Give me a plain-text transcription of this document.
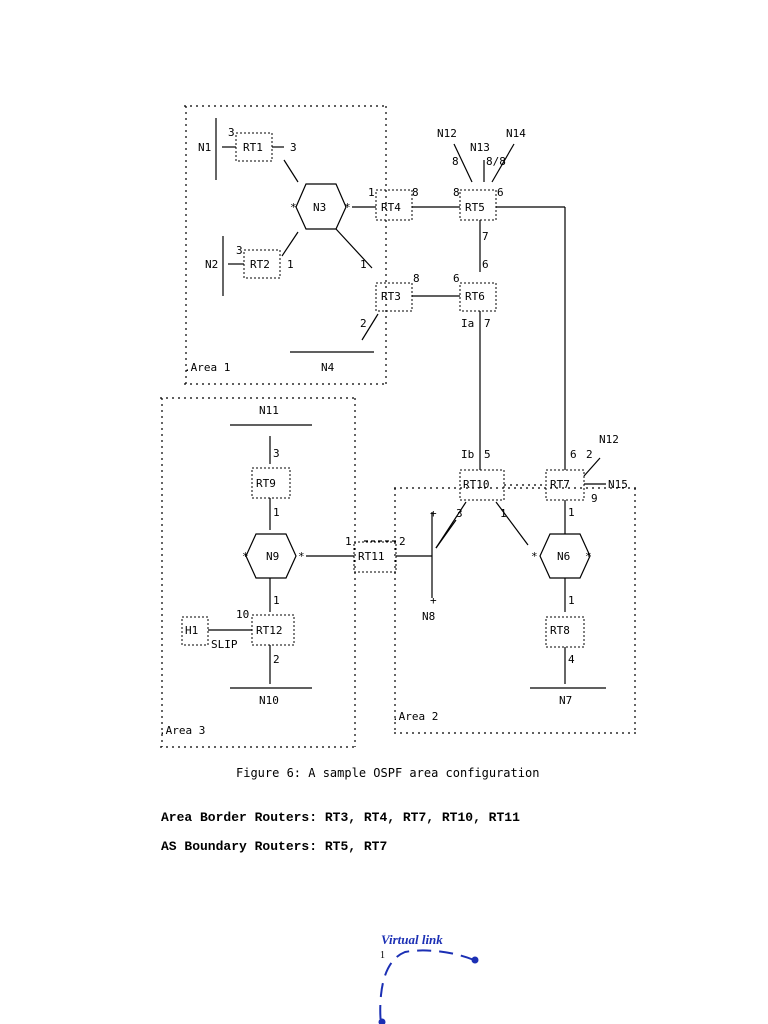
.Area 1
.Area 2
.Area 3
RT1
N1
3
3
N3
*	*
RT2
N2
3
1
1
RT4
8	8
RT5
6
N12	N14
N13
8 8/8
7
6
1
RT3
8	6
RT6
2
N4
Ia 7
N11
3
RT9
1
N9
*	*
1
RT11
2
1
H1
SLIP
10
RT12
2
N10
Ib 5
RT10
6
RT7
N12
2
N15
9
+
+
N8
3	1	1
N6
*	*
1
RT8
4
N7
Figure 6: A sample OSPF area configuration
Area Border Routers: RT3, RT4, RT7, RT10, RT11
AS Boundary Routers: RT5, RT7
Virtual link
1
